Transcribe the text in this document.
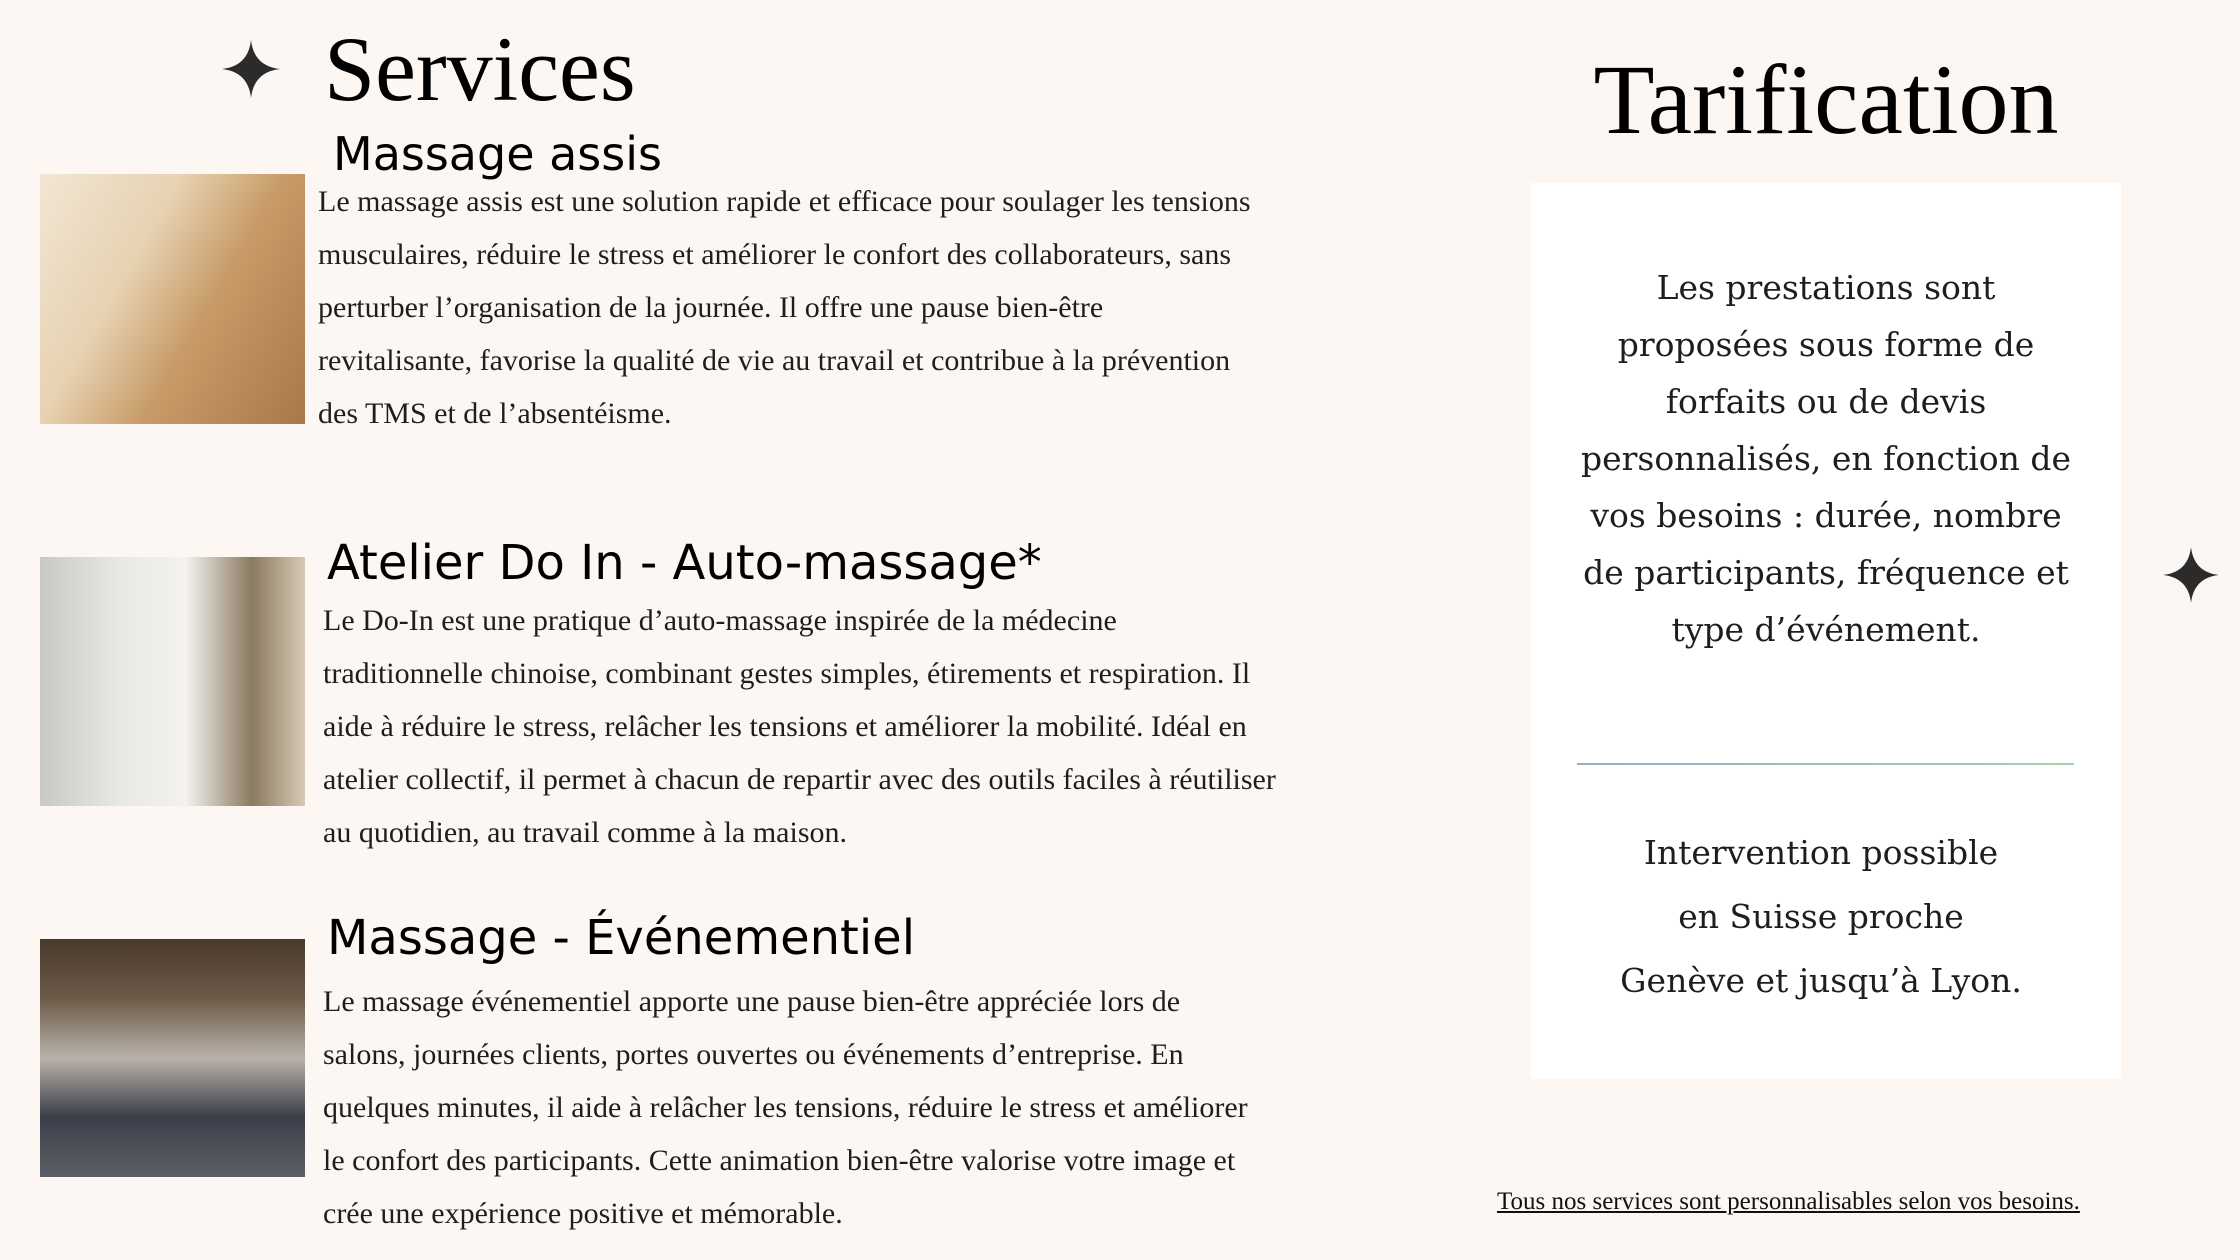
Services
Massage assis
Le massage assis est une solution rapide et efficace pour soulager les tensions
musculaires, réduire le stress et améliorer le confort des collaborateurs, sans
perturber l’organisation de la journée. Il offre une pause bien-être
revitalisante, favorise la qualité de vie au travail et contribue à la prévention
des TMS et de l’absentéisme.
Atelier Do In - Auto-massage*
Le Do-In est une pratique d’auto-massage inspirée de la médecine
traditionnelle chinoise, combinant gestes simples, étirements et respiration. Il
aide à réduire le stress, relâcher les tensions et améliorer la mobilité. Idéal en
atelier collectif, il permet à chacun de repartir avec des outils faciles à réutiliser
au quotidien, au travail comme à la maison.
Massage - Événementiel
Le massage événementiel apporte une pause bien-être appréciée lors de
salons, journées clients, portes ouvertes ou événements d’entreprise. En
quelques minutes, il aide à relâcher les tensions, réduire le stress et améliorer
le confort des participants. Cette animation bien-être valorise votre image et
crée une expérience positive et mémorable.
Tarification
Les prestations sont
proposées sous forme de
forfaits ou de devis
personnalisés, en fonction de
vos besoins : durée, nombre
de participants, fréquence et
type d’événement.
Intervention possible
en Suisse proche
Genève et jusqu’à Lyon.
Tous nos services sont personnalisables selon vos besoins.
